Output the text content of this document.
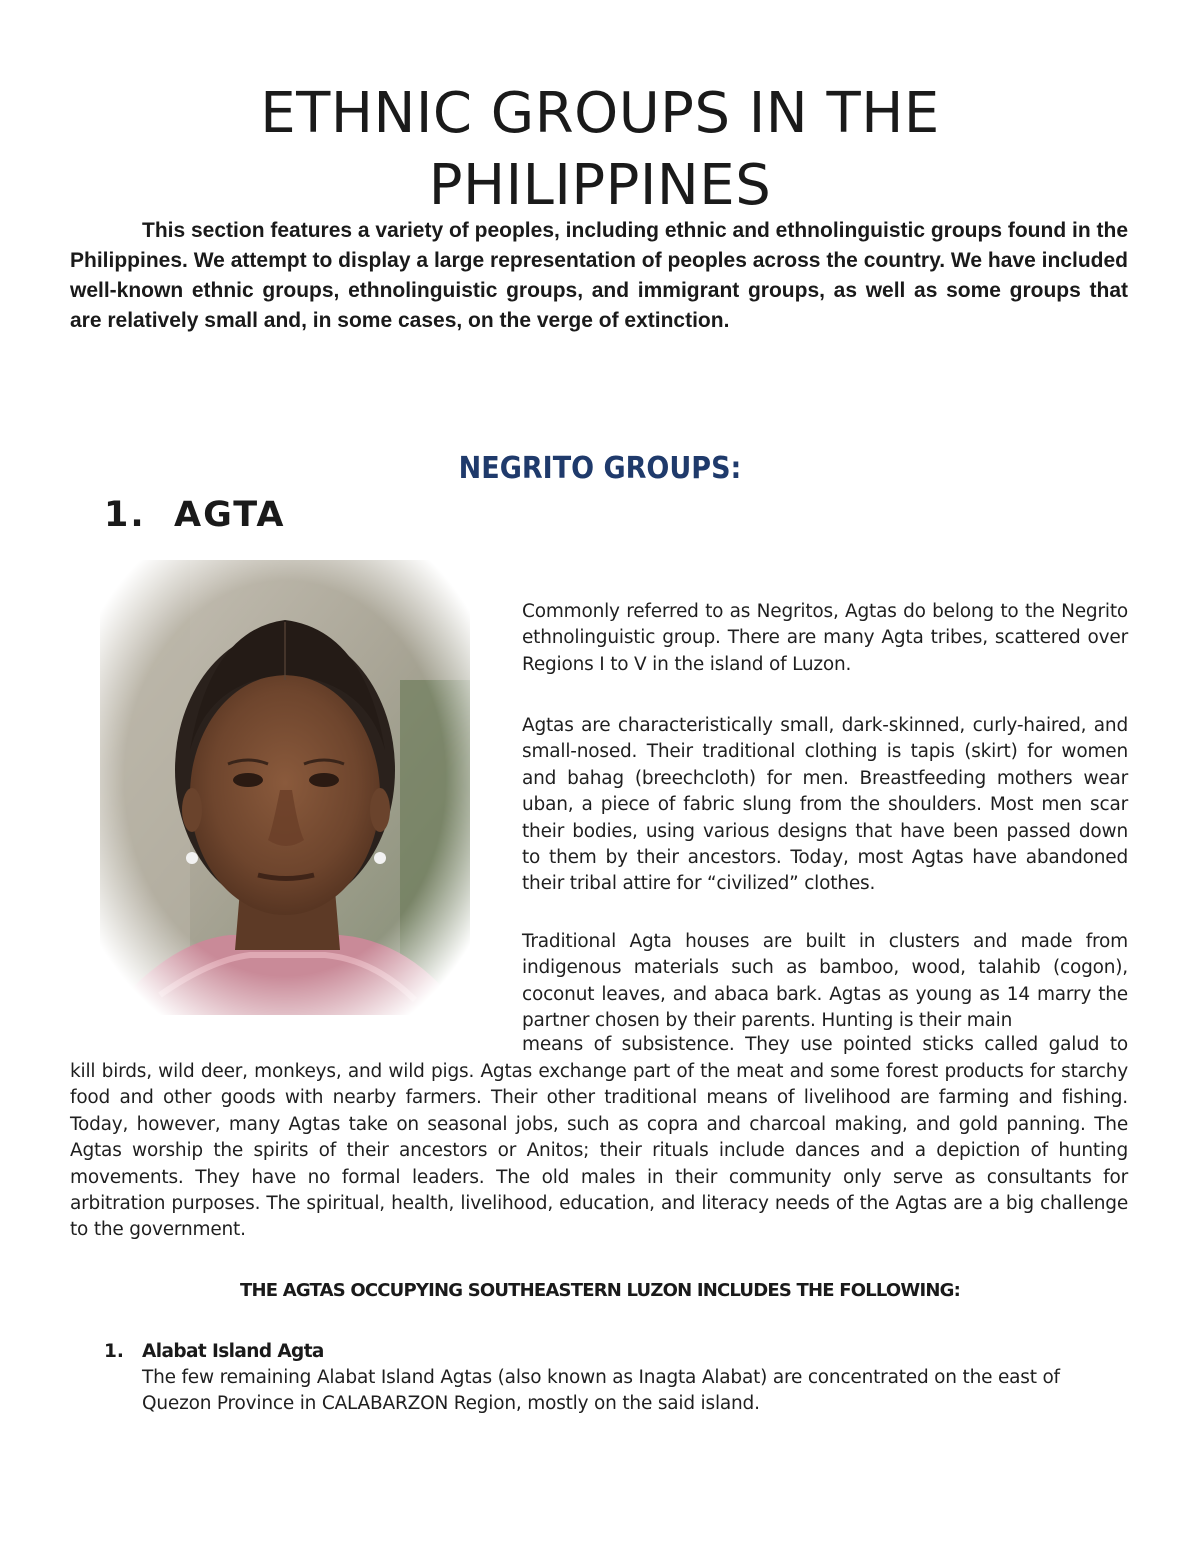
ETHNIC GROUPS IN THE PHILIPPINES

This section features a variety of peoples, including ethnic and ethnolinguistic groups found in the Philippines. We attempt to display a large representation of peoples across the country. We have included well-known ethnic groups, ethnolinguistic groups, and immigrant groups, as well as some groups that are relatively small and, in some cases, on the verge of extinction.

NEGRITO GROUPS:
1. AGTA

Commonly referred to as Negritos, Agtas do belong to the Negrito ethnolinguistic group. There are many Agta tribes, scattered over Regions I to V in the island of Luzon.

Agtas are characteristically small, dark-skinned, curly-haired, and small-nosed. Their traditional clothing is tapis (skirt) for women and bahag (breechcloth) for men. Breastfeeding mothers wear uban, a piece of fabric slung from the shoulders. Most men scar their bodies, using various designs that have been passed down to them by their ancestors. Today, most Agtas have abandoned their tribal attire for “civilized” clothes.

Traditional Agta houses are built in clusters and made from indigenous materials such as bamboo, wood, talahib (cogon), coconut leaves, and abaca bark. Agtas as young as 14 marry the partner chosen by their parents. Hunting is their main

means of subsistence. They use pointed sticks called galud to

kill birds, wild deer, monkeys, and wild pigs. Agtas exchange part of the meat and some forest products for starchy food and other goods with nearby farmers. Their other traditional means of livelihood are farming and fishing. Today, however, many Agtas take on seasonal jobs, such as copra and charcoal making, and gold panning. The Agtas worship the spirits of their ancestors or Anitos; their rituals include dances and a depiction of hunting movements. They have no formal leaders. The old males in their community only serve as consultants for arbitration purposes. The spiritual, health, livelihood, education, and literacy needs of the Agtas are a big challenge to the government.

THE AGTAS OCCUPYING SOUTHEASTERN LUZON INCLUDES THE FOLLOWING:
1. Alabat Island Agta

The few remaining Alabat Island Agtas (also known as Inagta Alabat) are concentrated on the east of Quezon Province in CALABARZON Region, mostly on the said island.
